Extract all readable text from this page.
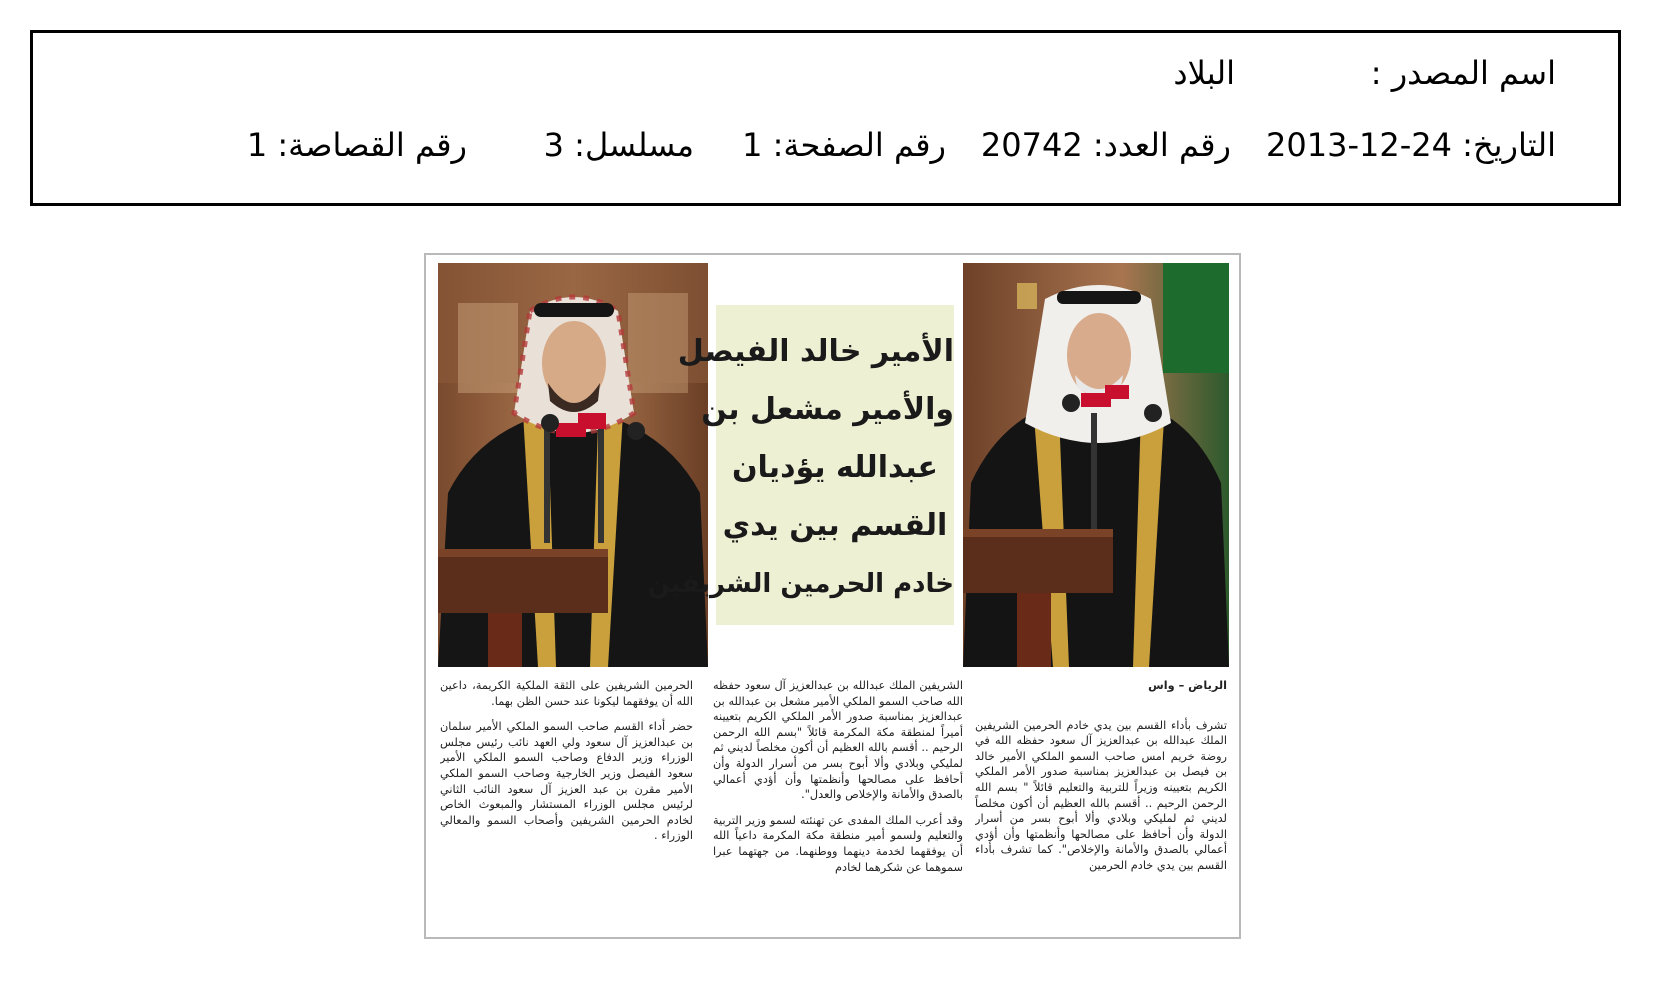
اسم المصدر :
البلاد
التاريخ: 24-12-2013
رقم العدد: 20742
رقم الصفحة: 1
مسلسل: 3
رقم القصاصة: 1
الأمير خالد الفيصل
والأمير مشعل بن
عبدالله يؤديان
القسم بين يدي
خادم الحرمين الشريفين

الرياض – واس

تشرف بأداء القسم بين يدي خادم الحرمين الشريفين الملك عبدالله بن عبدالعزيز آل سعود حفظه الله في روضة خريم امس صاحب السمو الملكي الأمير خالد بن فيصل بن عبدالعزيز بمناسبة صدور الأمر الملكي الكريم بتعيينه وزيراً للتربية والتعليم قائلاً " بسم الله الرحمن الرحيم .. أقسم بالله العظيم أن أكون مخلصاً لديني ثم لمليكي وبلادي وألا أبوح بسر من أسرار الدولة وأن أحافظ على مصالحها وأنظمتها وأن أؤدي أعمالي بالصدق والأمانة والإخلاص". كما تشرف بأداء القسم بين يدي خادم الحرمين

الشريفين الملك عبدالله بن عبدالعزيز آل سعود حفظه الله صاحب السمو الملكي الأمير مشعل بن عبدالله بن عبدالعزيز بمناسبة صدور الأمر الملكي الكريم بتعيينه أميراً لمنطقة مكة المكرمة قائلاً "بسم الله الرحمن الرحيم .. أقسم بالله العظيم أن أكون مخلصاً لديني ثم لمليكي وبلادي وألا أبوح بسر من أسرار الدولة وأن أحافظ على مصالحها وأنظمتها وأن أؤدي أعمالي بالصدق والأمانة والإخلاص والعدل".

وقد أعرب الملك المفدى عن تهنئته لسمو وزير التربية والتعليم ولسمو أمير منطقة مكة المكرمة داعياً الله أن يوفقهما لخدمة دينهما ووطنهما. من جهتهما عبرا سموهما عن شكرهما لخادم

الحرمين الشريفين على الثقة الملكية الكريمة، داعين الله أن يوفقهما ليكونا عند حسن الظن بهما.

حضر أداء القسم صاحب السمو الملكي الأمير سلمان بن عبدالعزيز آل سعود ولي العهد نائب رئيس مجلس الوزراء وزير الدفاع وصاحب السمو الملكي الأمير سعود الفيصل وزير الخارجية وصاحب السمو الملكي الأمير مقرن بن عبد العزيز آل سعود النائب الثاني لرئيس مجلس الوزراء المستشار والمبعوث الخاص لخادم الحرمين الشريفين وأصحاب السمو والمعالي الوزراء .
